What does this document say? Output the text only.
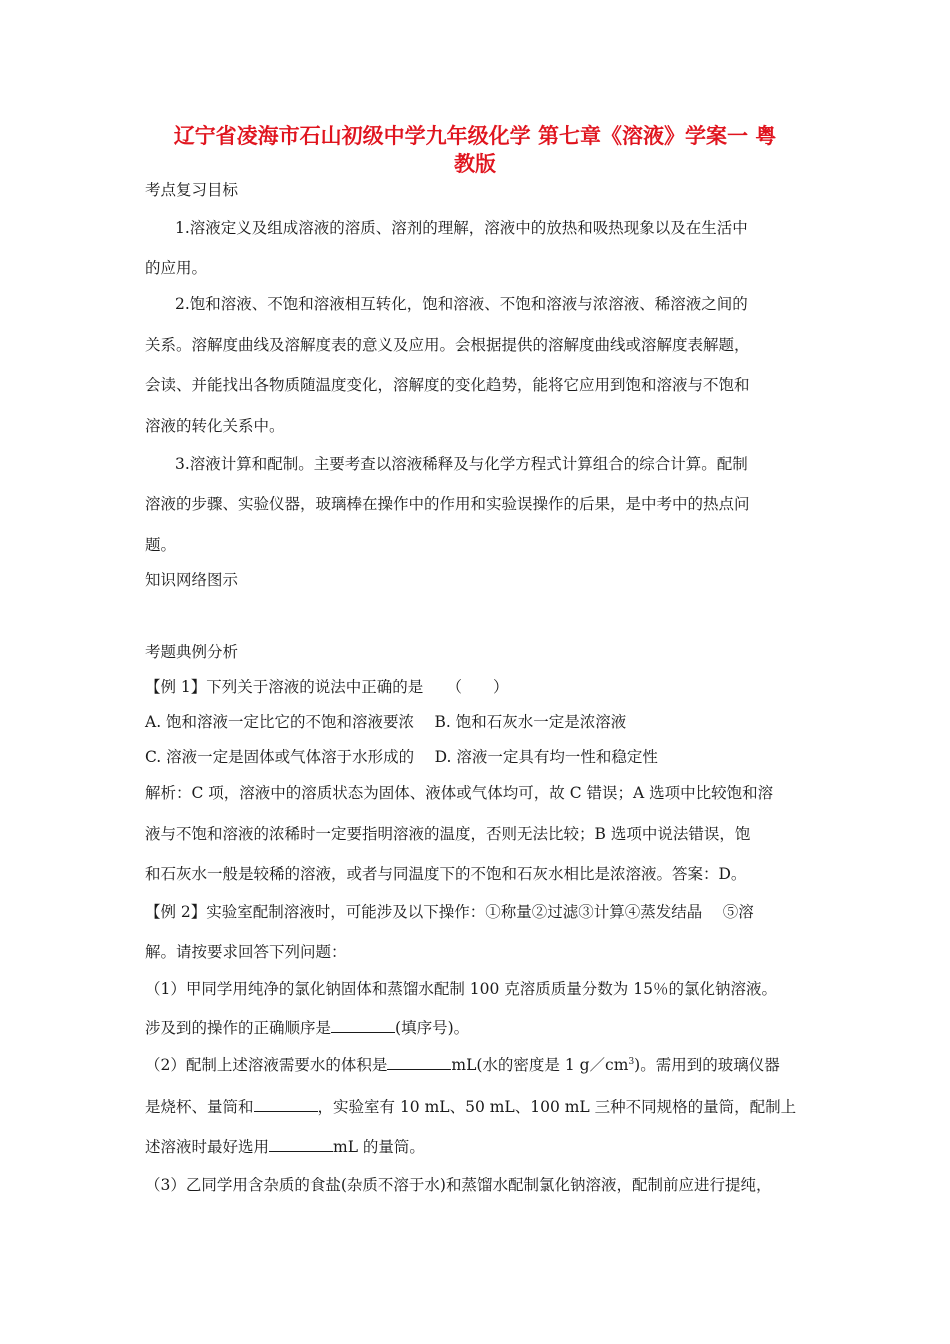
辽宁省凌海市石山初级中学九年级化学 第七章《溶液》学案一 粤
教版
考点复习目标
1.溶液定义及组成溶液的溶质、溶剂的理解，溶液中的放热和吸热现象以及在生活中
的应用。
2.饱和溶液、不饱和溶液相互转化，饱和溶液、不饱和溶液与浓溶液、稀溶液之间的
关系。溶解度曲线及溶解度表的意义及应用。会根据提供的溶解度曲线或溶解度表解题，
会读、并能找出各物质随温度变化，溶解度的变化趋势，能将它应用到饱和溶液与不饱和
溶液的转化关系中。
3.溶液计算和配制。主要考查以溶液稀释及与化学方程式计算组合的综合计算。配制
溶液的步骤、实验仪器，玻璃棒在操作中的作用和实验误操作的后果，是中考中的热点问
题。
知识网络图示
考题典例分析
【例 1】下列关于溶液的说法中正确的是　　（　　）
A. 饱和溶液一定比它的不饱和溶液要浓　 B. 饱和石灰水一定是浓溶液
C. 溶液一定是固体或气体溶于水形成的　 D. 溶液一定具有均一性和稳定性
解析：C 项，溶液中的溶质状态为固体、液体或气体均可，故 C 错误；A 选项中比较饱和溶
液与不饱和溶液的浓稀时一定要指明溶液的温度，否则无法比较；B 选项中说法错误，饱
和石灰水一般是较稀的溶液，或者与同温度下的不饱和石灰水相比是浓溶液。答案：D。
【例 2】实验室配制溶液时，可能涉及以下操作：①称量②过滤③计算④蒸发结晶　 ⑤溶
解。请按要求回答下列问题：
（1）甲同学用纯净的氯化钠固体和蒸馏水配制 100 克溶质质量分数为 15％的氯化钠溶液。
涉及到的操作的正确顺序是	(填序号)。
（2）配制上述溶液需要水的体积是	mL(水的密度是 1 $g/cm^3$)。需用到的玻璃仪器
是烧杯、量筒和	，实验室有 10 mL、50 mL、100 mL 三种不同规格的量筒，配制上
述溶液时最好选用	mL 的量筒。
（3）乙同学用含杂质的食盐(杂质不溶于水)和蒸馏水配制氯化钠溶液，配制前应进行提纯，
